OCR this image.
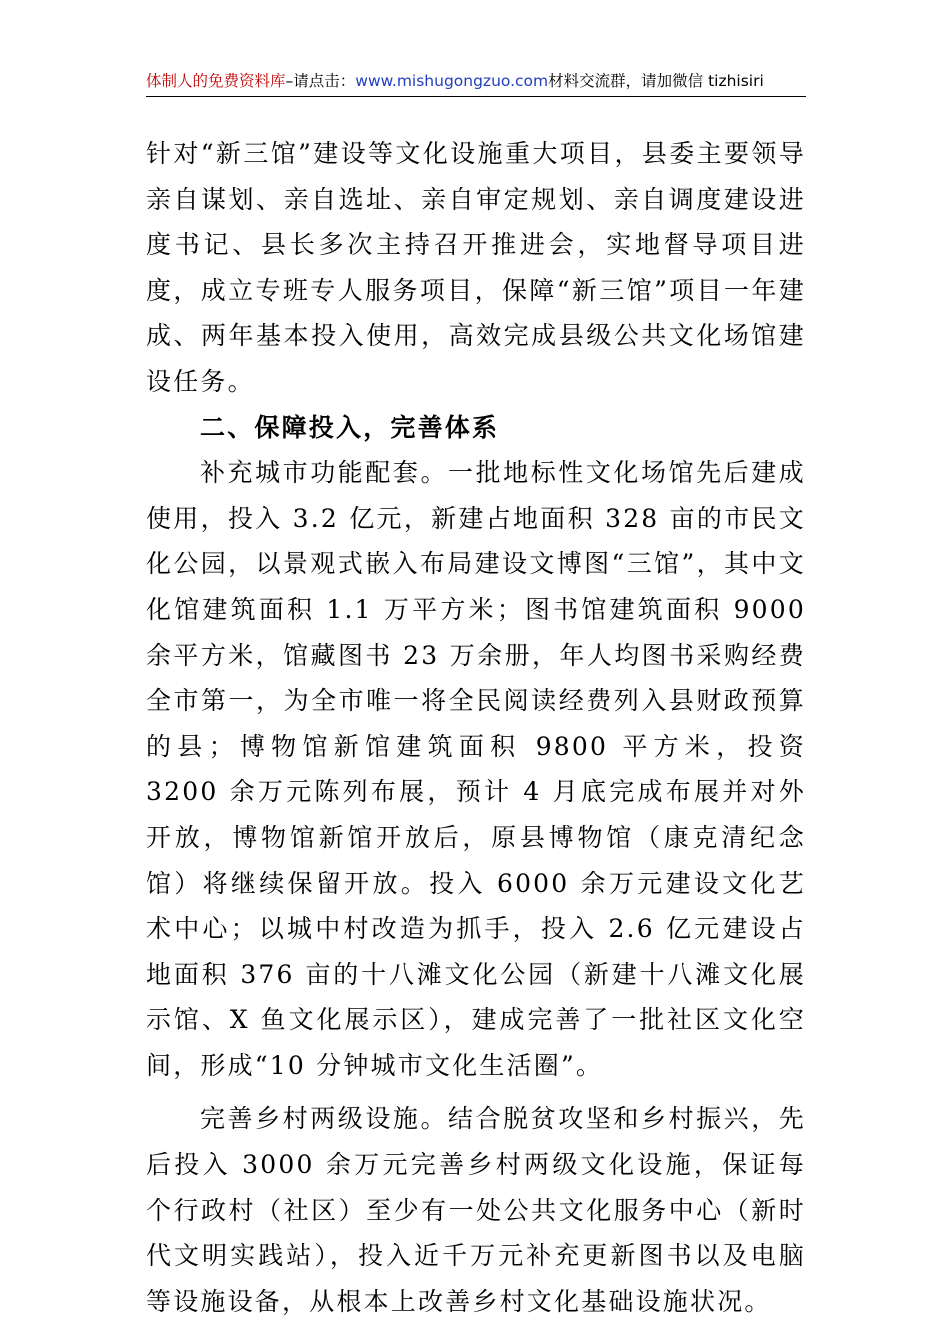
体制人的免费资料库–请点击：www.mishugongzuo.com材料交流群，请加微信 tizhisiri

针对“新三馆”建设等文化设施重大项目，县委主要领导亲自谋划、亲自选址、亲自审定规划、亲自调度建设进度书记、县长多次主持召开推进会，实地督导项目进度，成立专班专人服务项目，保障“新三馆”项目一年建成、两年基本投入使用，高效完成县级公共文化场馆建设任务。

二、保障投入，完善体系

补充城市功能配套。一批地标性文化场馆先后建成使用，投入 3.2 亿元，新建占地面积 328 亩的市民文化公园，以景观式嵌入布局建设文博图“三馆”，其中文化馆建筑面积 1.1 万平方米；图书馆建筑面积 9000 余平方米，馆藏图书 23 万余册，年人均图书采购经费全市第一，为全市唯一将全民阅读经费列入县财政预算的县；博物馆新馆建筑面积 9800 平方米，投资 3200 余万元陈列布展，预计 4 月底完成布展并对外开放，博物馆新馆开放后，原县博物馆（康克清纪念馆）将继续保留开放。投入 6000 余万元建设文化艺术中心；以城中村改造为抓手，投入 2.6 亿元建设占地面积 376 亩的十八滩文化公园（新建十八滩文化展示馆、X 鱼文化展示区），建成完善了一批社区文化空间，形成“10 分钟城市文化生活圈”。

完善乡村两级设施。结合脱贫攻坚和乡村振兴，先后投入 3000 余万元完善乡村两级文化设施，保证每个行政村（社区）至少有一处公共文化服务中心（新时代文明实践站），投入近千万元补充更新图书以及电脑等设施设备，从根本上改善乡村文化基础设施状况。
